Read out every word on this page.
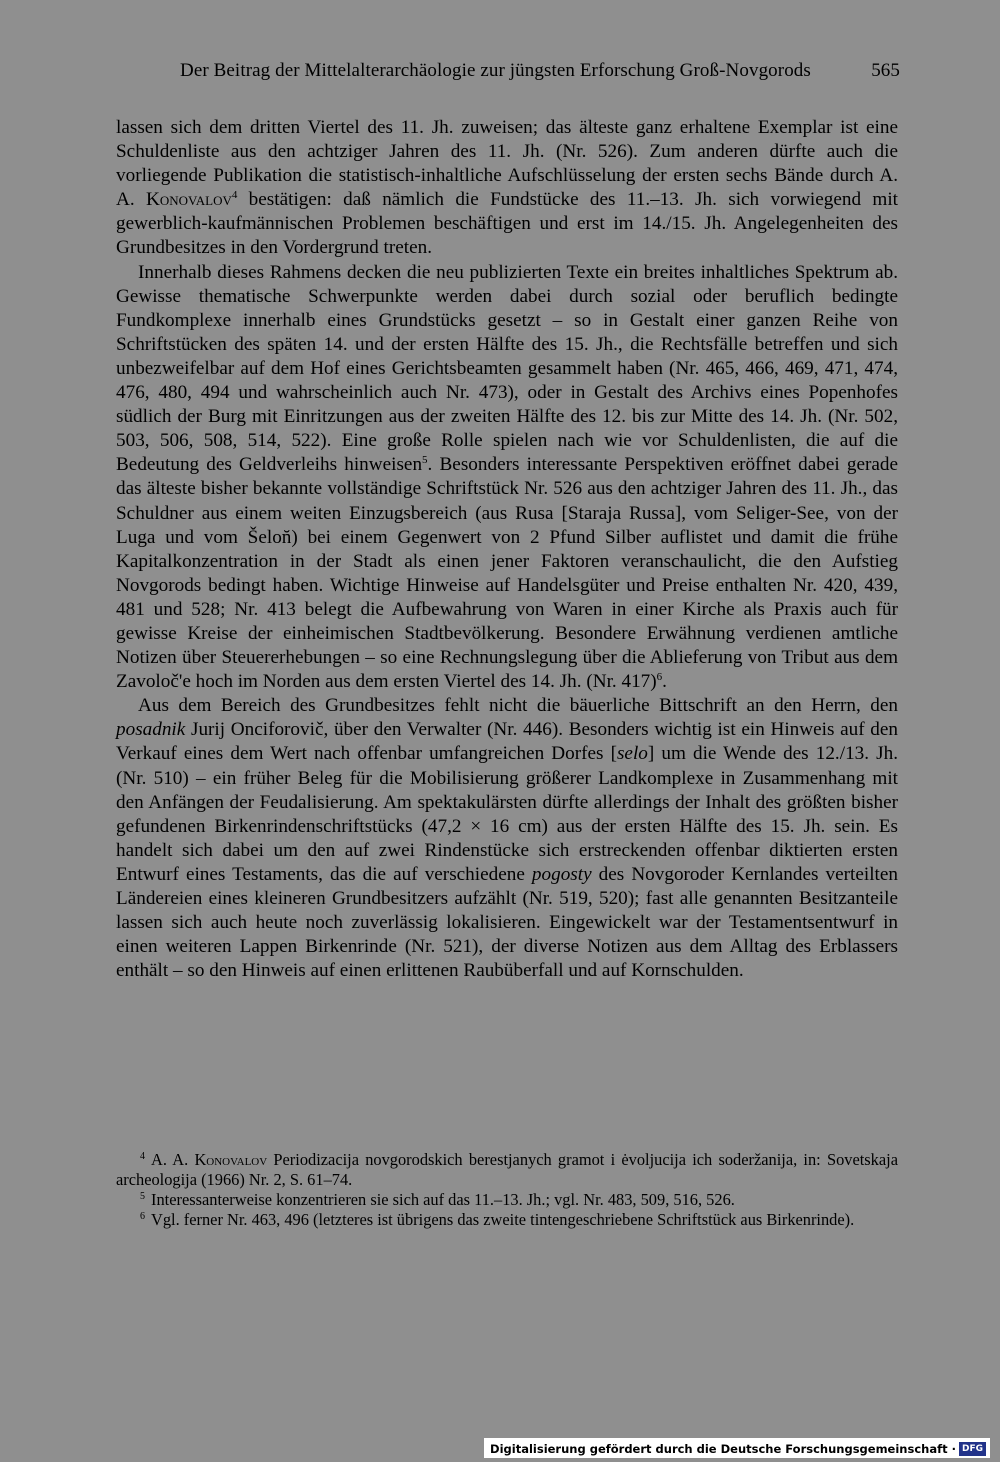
Der Beitrag der Mittelalterarchäologie zur jüngsten Erforschung Groß-Novgorods	565

lassen sich dem dritten Viertel des 11. Jh. zuweisen; das älteste ganz erhaltene Exemplar ist eine Schuldenliste aus den achtziger Jahren des 11. Jh. (Nr. 526). Zum anderen dürfte auch die vorliegende Publikation die statistisch-inhaltliche Aufschlüsselung der ersten sechs Bände durch A. A. Konovalov$^4$ bestätigen: daß nämlich die Fundstücke des 11.–13. Jh. sich vorwiegend mit gewerblich-kaufmännischen Problemen beschäftigen und erst im 14./15. Jh. Angelegenheiten des Grundbesitzes in den Vordergrund treten.

Innerhalb dieses Rahmens decken die neu publizierten Texte ein breites inhaltliches Spektrum ab. Gewisse thematische Schwerpunkte werden dabei durch sozial oder beruflich bedingte Fundkomplexe innerhalb eines Grundstücks gesetzt – so in Gestalt einer ganzen Reihe von Schriftstücken des späten 14. und der ersten Hälfte des 15. Jh., die Rechtsfälle betreffen und sich unbezweifelbar auf dem Hof eines Gerichtsbeamten gesammelt haben (Nr. 465, 466, 469, 471, 474, 476, 480, 494 und wahrscheinlich auch Nr. 473), oder in Gestalt des Archivs eines Popenhofes südlich der Burg mit Einritzungen aus der zweiten Hälfte des 12. bis zur Mitte des 14. Jh. (Nr. 502, 503, 506, 508, 514, 522). Eine große Rolle spielen nach wie vor Schuldenlisten, die auf die Bedeutung des Geldverleihs hinweisen$^5$. Besonders interessante Perspektiven eröffnet dabei gerade das älteste bisher bekannte vollständige Schriftstück Nr. 526 aus den achtziger Jahren des 11. Jh., das Schuldner aus einem weiten Einzugsbereich (aus Rusa [Staraja Russa], vom Seliger-See, von der Luga und vom Šelon̆) bei einem Gegenwert von 2 Pfund Silber auflistet und damit die frühe Kapitalkonzentration in der Stadt als einen jener Faktoren veranschaulicht, die den Aufstieg Novgorods bedingt haben. Wichtige Hinweise auf Handelsgüter und Preise enthalten Nr. 420, 439, 481 und 528; Nr. 413 belegt die Aufbewahrung von Waren in einer Kirche als Praxis auch für gewisse Kreise der einheimischen Stadtbevölkerung. Besondere Erwähnung verdienen amtliche Notizen über Steuererhebungen – so eine Rechnungslegung über die Ablieferung von Tribut aus dem Zavoloč'e hoch im Norden aus dem ersten Viertel des 14. Jh. (Nr. 417)$^6$.

Aus dem Bereich des Grundbesitzes fehlt nicht die bäuerliche Bittschrift an den Herrn, den posadnik Jurij Onciforovič, über den Verwalter (Nr. 446). Besonders wichtig ist ein Hinweis auf den Verkauf eines dem Wert nach offenbar umfangreichen Dorfes [selo] um die Wende des 12./13. Jh. (Nr. 510) – ein früher Beleg für die Mobilisierung größerer Landkomplexe in Zusammenhang mit den Anfängen der Feudalisierung. Am spektakulärsten dürfte allerdings der Inhalt des größten bisher gefundenen Birkenrindenschriftstücks (47,2 × 16 cm) aus der ersten Hälfte des 15. Jh. sein. Es handelt sich dabei um den auf zwei Rindenstücke sich erstreckenden offenbar diktierten ersten Entwurf eines Testaments, das die auf verschiedene pogosty des Novgoroder Kernlandes verteilten Ländereien eines kleineren Grundbesitzers aufzählt (Nr. 519, 520); fast alle genannten Besitzanteile lassen sich auch heute noch zuverlässig lokalisieren. Eingewickelt war der Testamentsentwurf in einen weiteren Lappen Birkenrinde (Nr. 521), der diverse Notizen aus dem Alltag des Erblassers enthält – so den Hinweis auf einen erlittenen Raubüberfall und auf Kornschulden.

$^4$ A. A. Konovalov Periodizacija novgorodskich berestjanych gramot i ėvoljucija ich soderžanija, in: Sovetskaja archeologija (1966) Nr. 2, S. 61–74.

$^5$ Interessanterweise konzentrieren sie sich auf das 11.–13. Jh.; vgl. Nr. 483, 509, 516, 526.

$^6$ Vgl. ferner Nr. 463, 496 (letzteres ist übrigens das zweite tintengeschriebene Schriftstück aus Birkenrinde).

Digitalisierung gefördert durch die Deutsche Forschungsgemeinschaft · DFG
